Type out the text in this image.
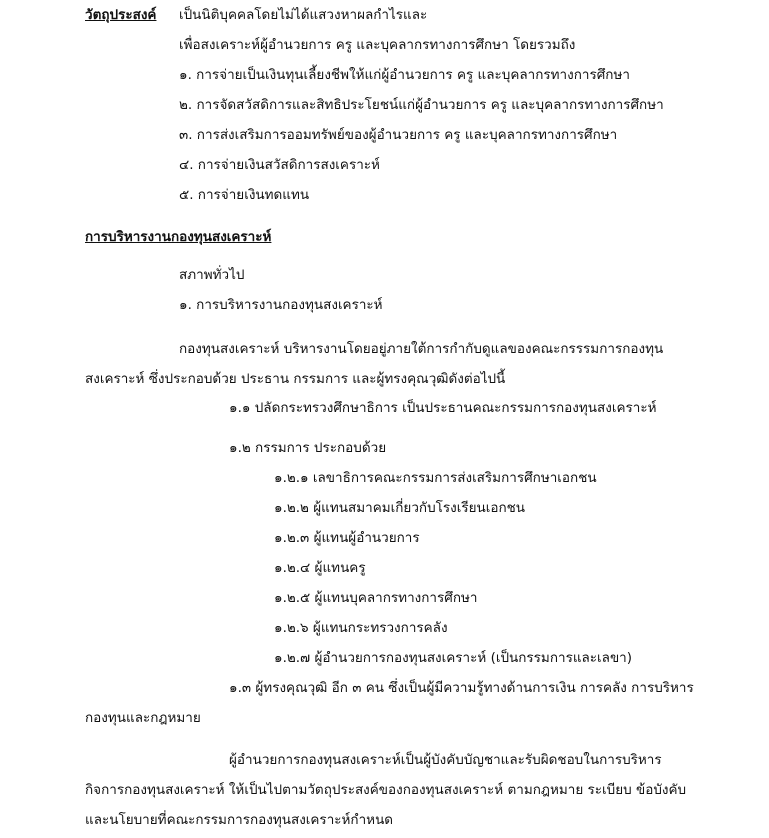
วัตถุประสงค์ เป็นนิติบุคคลโดยไม่ได้แสวงหาผลกำไรและ
เพื่อสงเคราะห์ผู้อำนวยการ ครู และบุคลากรทางการศึกษา โดยรวมถึง
๑. การจ่ายเป็นเงินทุนเลี้ยงชีพให้แก่ผู้อำนวยการ ครู และบุคลากรทางการศึกษา
๒. การจัดสวัสดิการและสิทธิประโยชน์แก่ผู้อำนวยการ ครู และบุคลากรทางการศึกษา
๓. การส่งเสริมการออมทรัพย์ของผู้อำนวยการ ครู และบุคลากรทางการศึกษา
๔. การจ่ายเงินสวัสดิการสงเคราะห์
๕. การจ่ายเงินทดแทน
การบริหารงานกองทุนสงเคราะห์
สภาพทั่วไป
๑. การบริหารงานกองทุนสงเคราะห์
กองทุนสงเคราะห์ บริหารงานโดยอยู่ภายใต้การกำกับดูแลของคณะกรรรมการกองทุน
สงเคราะห์ ซึ่งประกอบด้วย ประธาน กรรมการ และผู้ทรงคุณวุฒิดังต่อไปนี้
๑.๑ ปลัดกระทรวงศึกษาธิการ เป็นประธานคณะกรรมการกองทุนสงเคราะห์
๑.๒ กรรมการ ประกอบด้วย
๑.๒.๑ เลขาธิการคณะกรรมการส่งเสริมการศึกษาเอกชน
๑.๒.๒ ผู้แทนสมาคมเกี่ยวกับโรงเรียนเอกชน
๑.๒.๓ ผู้แทนผู้อำนวยการ
๑.๒.๔ ผู้แทนครู
๑.๒.๕ ผู้แทนบุคลากรทางการศึกษา
๑.๒.๖ ผู้แทนกระทรวงการคลัง
๑.๒.๗ ผู้อำนวยการกองทุนสงเคราะห์ (เป็นกรรมการและเลขา)
๑.๓ ผู้ทรงคุณวุฒิ อีก ๓ คน ซึ่งเป็นผู้มีความรู้ทางด้านการเงิน การคลัง การบริหาร
กองทุนและกฎหมาย
ผู้อำนวยการกองทุนสงเคราะห์เป็นผู้บังคับบัญชาและรับผิดชอบในการบริหาร
กิจการกองทุนสงเคราะห์ ให้เป็นไปตามวัตถุประสงค์ของกองทุนสงเคราะห์ ตามกฎหมาย ระเบียบ ข้อบังคับ
และนโยบายที่คณะกรรมการกองทุนสงเคราะห์กำหนด
